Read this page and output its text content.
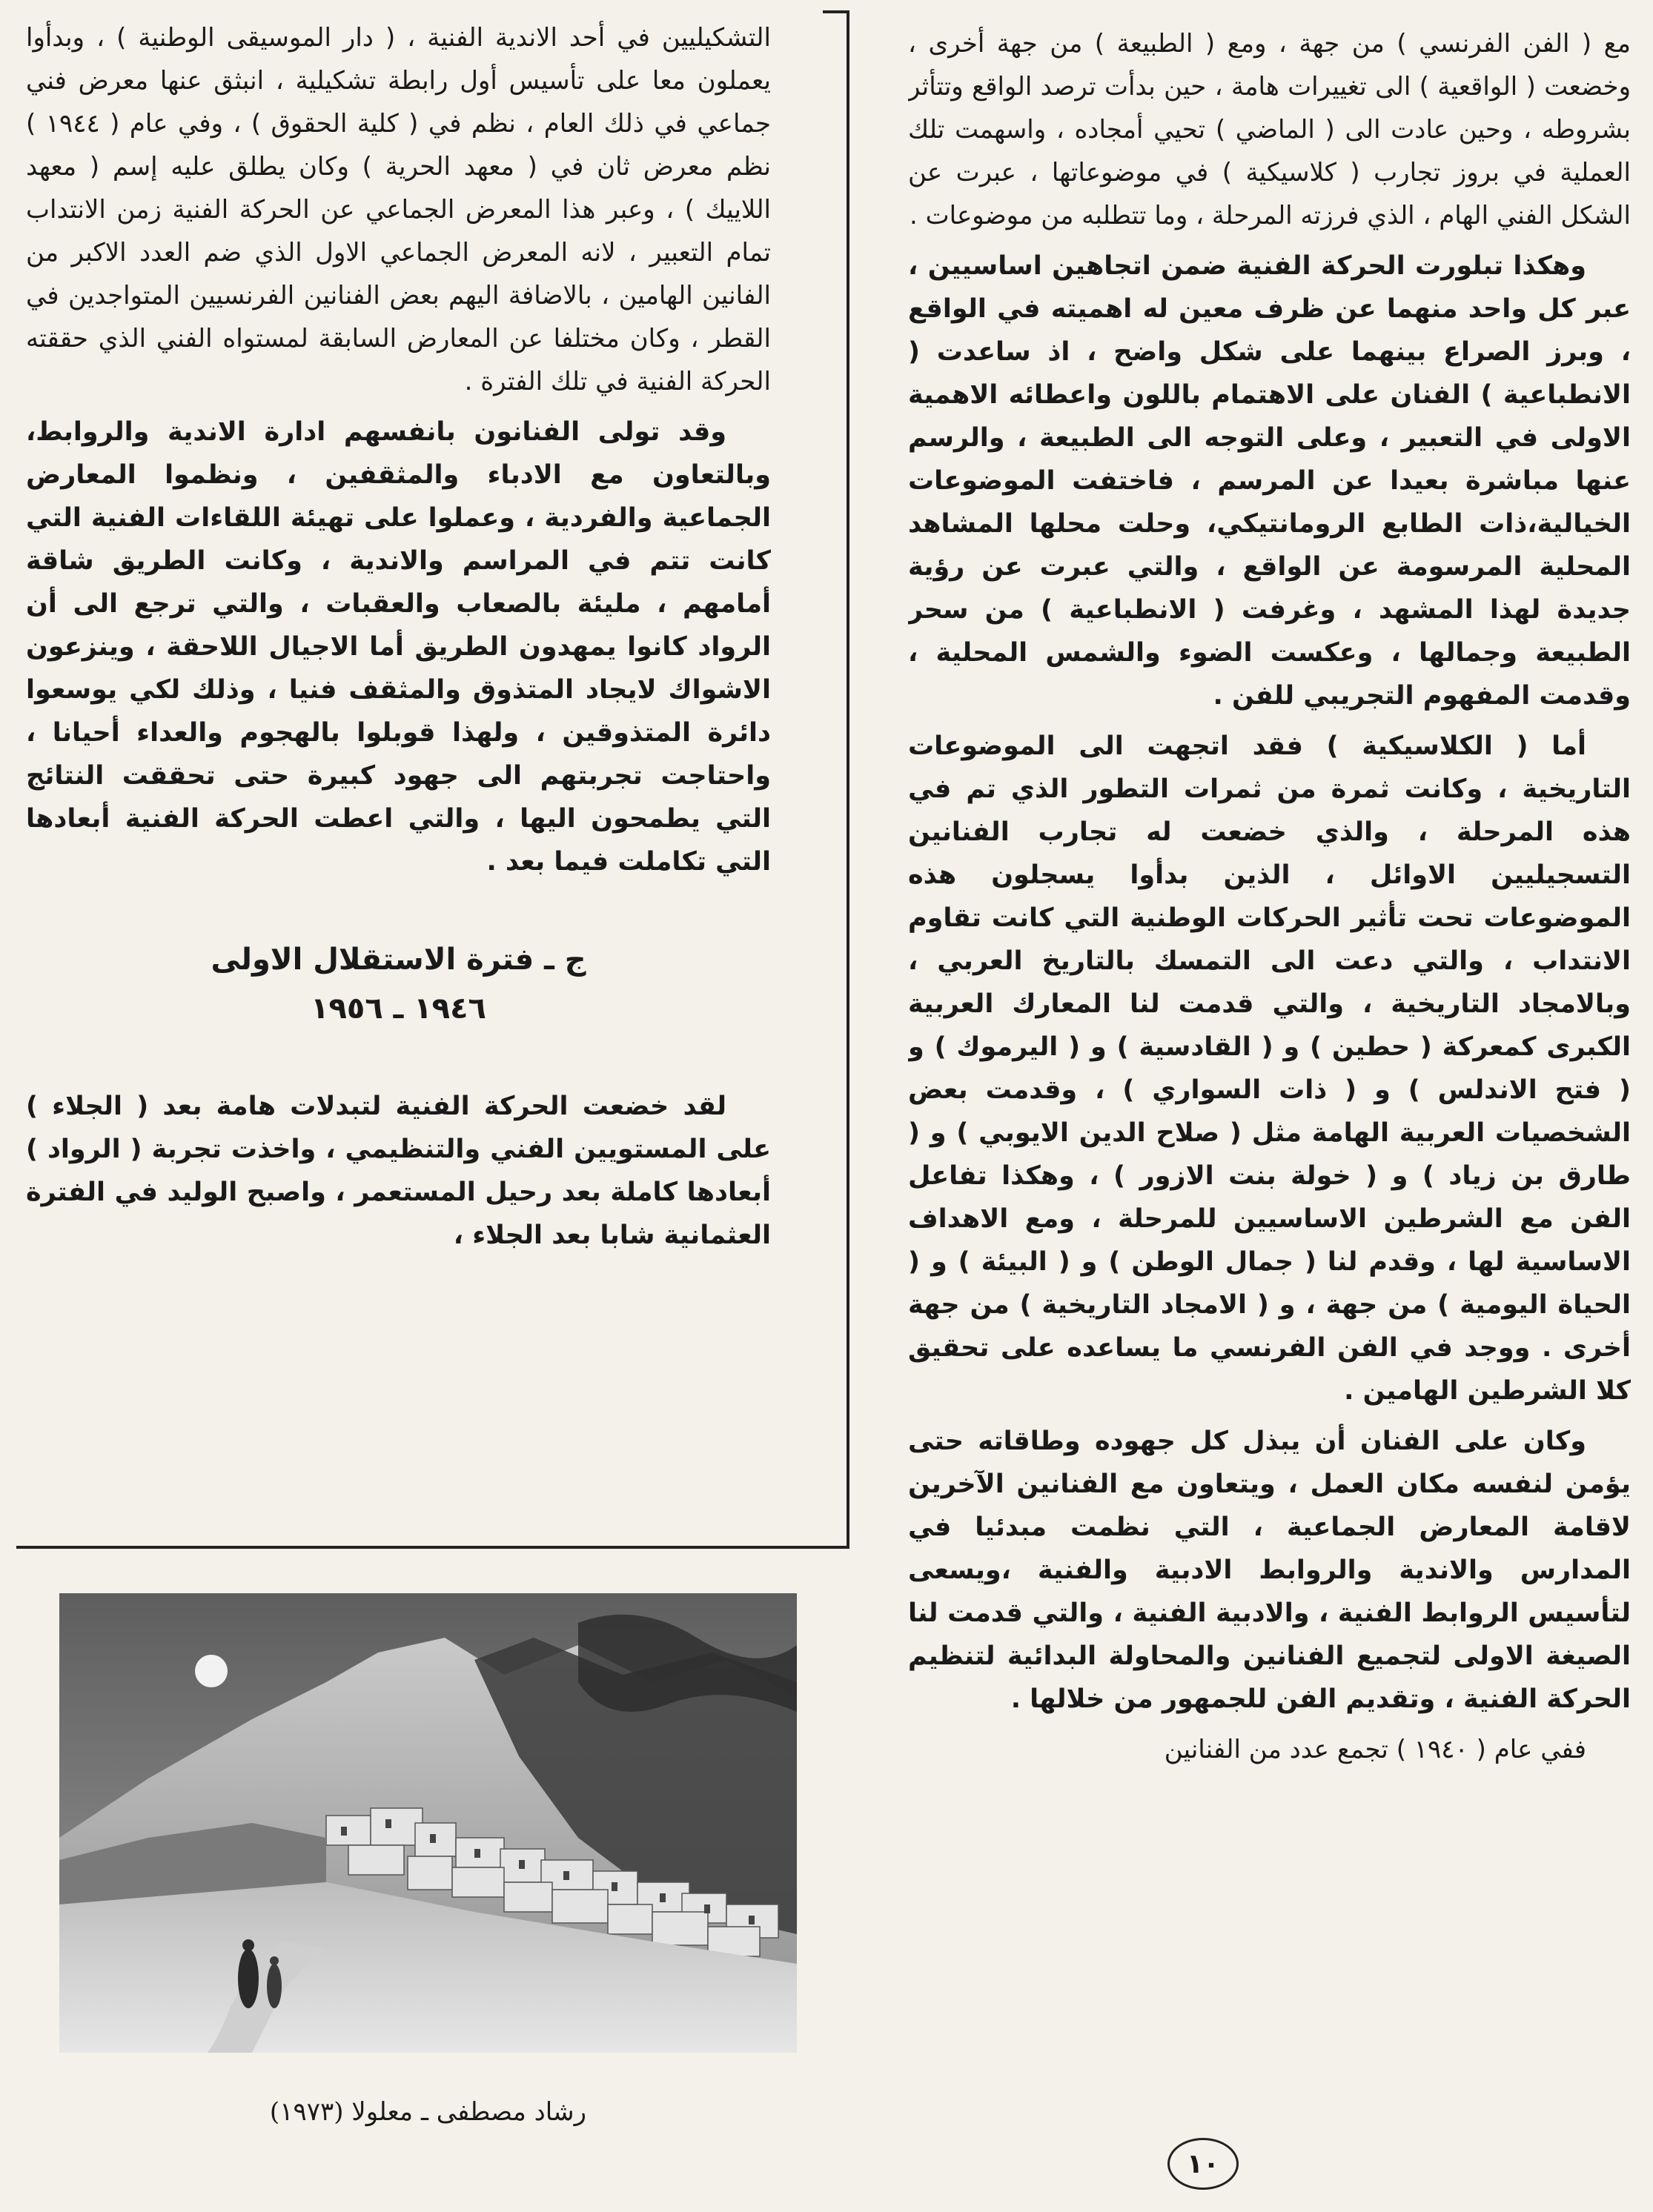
مع ( الفن الفرنسي ) من جهة ، ومع ( الطبيعة ) من جهة أخرى ، وخضعت ( الواقعية ) الى تغييرات هامة ، حين بدأت ترصد الواقع وتتأثر بشروطه ، وحين عادت الى ( الماضي ) تحيي أمجاده ، واسهمت تلك العملية في بروز تجارب ( كلاسيكية ) في موضوعاتها ، عبرت عن الشكل الفني الهام ، الذي فرزته المرحلة ، وما تتطلبه من موضوعات .

وهكذا تبلورت الحركة الفنية ضمن اتجاهين اساسيين ، عبر كل واحد منهما عن ظرف معين له اهميته في الواقع ، وبرز الصراع بينهما على شكل واضح ، اذ ساعدت ( الانطباعية ) الفنان على الاهتمام باللون واعطائه الاهمية الاولى في التعبير ، وعلى التوجه الى الطبيعة ، والرسم عنها مباشرة بعيدا عن المرسم ، فاختفت الموضوعات الخيالية،ذات الطابع الرومانتيكي، وحلت محلها المشاهد المحلية المرسومة عن الواقع ، والتي عبرت عن رؤية جديدة لهذا المشهد ، وغرفت ( الانطباعية ) من سحر الطبيعة وجمالها ، وعكست الضوء والشمس المحلية ، وقدمت المفهوم التجريبي للفن .

أما ( الكلاسيكية ) فقد اتجهت الى الموضوعات التاريخية ، وكانت ثمرة من ثمرات التطور الذي تم في هذه المرحلة ، والذي خضعت له تجارب الفنانين التسجيليين الاوائل ، الذين بدأوا يسجلون هذه الموضوعات تحت تأثير الحركات الوطنية التي كانت تقاوم الانتداب ، والتي دعت الى التمسك بالتاريخ العربي ، وبالامجاد التاريخية ، والتي قدمت لنا المعارك العربية الكبرى كمعركة ( حطين ) و ( القادسية ) و ( اليرموك ) و ( فتح الاندلس ) و ( ذات السواري ) ، وقدمت بعض الشخصيات العربية الهامة مثل ( صلاح الدين الايوبي ) و ( طارق بن زياد ) و ( خولة بنت الازور ) ، وهكذا تفاعل الفن مع الشرطين الاساسيين للمرحلة ، ومع الاهداف الاساسية لها ، وقدم لنا ( جمال الوطن ) و ( البيئة ) و ( الحياة اليومية ) من جهة ، و ( الامجاد التاريخية ) من جهة أخرى . ووجد في الفن الفرنسي ما يساعده على تحقيق كلا الشرطين الهامين .

وكان على الفنان أن يبذل كل جهوده وطاقاته حتى يؤمن لنفسه مكان العمل ، ويتعاون مع الفنانين الآخرين لاقامة المعارض الجماعية ، التي نظمت مبدئيا في المدارس والاندية والروابط الادبية والفنية ،ويسعى لتأسيس الروابط الفنية ، والادبية الفنية ، والتي قدمت لنا الصيغة الاولى لتجميع الفنانين والمحاولة البدائية لتنظيم الحركة الفنية ، وتقديم الفن للجمهور من خلالها .

ففي عام ( ١٩٤٠ ) تجمع عدد من الفنانين

التشكيليين في أحد الاندية الفنية ، ( دار الموسيقى الوطنية ) ، وبدأوا يعملون معا على تأسيس أول رابطة تشكيلية ، انبثق عنها معرض فني جماعي في ذلك العام ، نظم في ( كلية الحقوق ) ، وفي عام ( ١٩٤٤ ) نظم معرض ثان في ( معهد الحرية ) وكان يطلق عليه إسم ( معهد اللاييك ) ، وعبر هذا المعرض الجماعي عن الحركة الفنية زمن الانتداب تمام التعبير ، لانه المعرض الجماعي الاول الذي ضم العدد الاكبر من الفانين الهامين ، بالاضافة اليهم بعض الفنانين الفرنسيين المتواجدين في القطر ، وكان مختلفا عن المعارض السابقة لمستواه الفني الذي حققته الحركة الفنية في تلك الفترة .

وقد تولى الفنانون بانفسهم ادارة الاندية والروابط، وبالتعاون مع الادباء والمثقفين ، ونظموا المعارض الجماعية والفردية ، وعملوا على تهيئة اللقاءات الفنية التي كانت تتم في المراسم والاندية ، وكانت الطريق شاقة أمامهم ، مليئة بالصعاب والعقبات ، والتي ترجع الى أن الرواد كانوا يمهدون الطريق أما الاجيال اللاحقة ، وينزعون الاشواك لايجاد المتذوق والمثقف فنيا ، وذلك لكي يوسعوا دائرة المتذوقين ، ولهذا قوبلوا بالهجوم والعداء أحيانا ، واحتاجت تجربتهم الى جهود كبيرة حتى تحققت النتائج التي يطمحون اليها ، والتي اعطت الحركة الفنية أبعادها التي تكاملت فيما بعد .

ج ـ فترة الاستقلال الاولى
١٩٤٦ ـ ١٩٥٦

لقد خضعت الحركة الفنية لتبدلات هامة بعد ( الجلاء ) على المستويين الفني والتنظيمي ، واخذت تجربة ( الرواد ) أبعادها كاملة بعد رحيل المستعمر ، واصبح الوليد في الفترة العثمانية شابا بعد الجلاء ،

رشاد مصطفى ـ معلولا (١٩٧٣)
١٠
